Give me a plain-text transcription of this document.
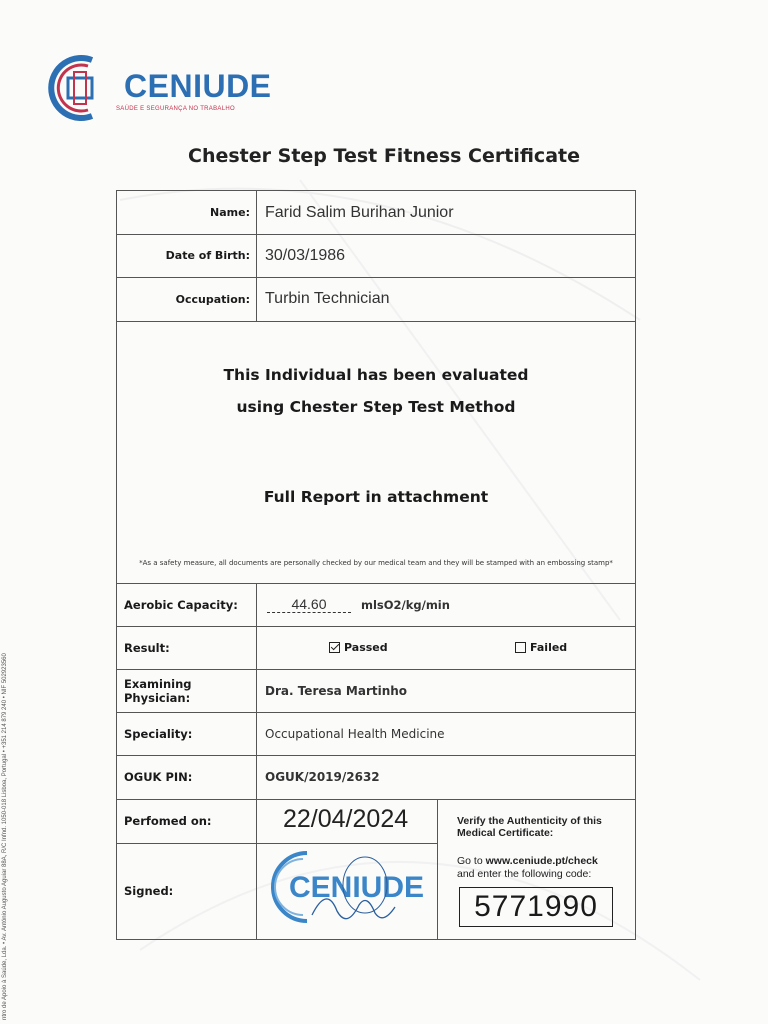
CENIUDE
SAÚDE E SEGURANÇA NO TRABALHO
Chester Step Test Fitness Certificate
Name: Farid Salim Burihan Junior
Date of Birth: 30/03/1986
Occupation: Turbin Technician
This Individual has been evaluated
using Chester Step Test Method
Full Report in attachment
*As a safety measure, all documents are personally checked by our medical team and they will be stamped with an embossing stamp*
Aerobic Capacity:	44.60	mlsO2/kg/min
Result:	Passed	Failed
Examining Physician:	Dra. Teresa Martinho
Speciality:	Occupational Health Medicine
OGUK PIN:	OGUK/2019/2632
Perfomed on:	22/04/2024
Signed:	CENIUDE
Verify the Authenticity of this Medical Certificate:
Go to www.ceniude.pt/check
and enter the following code:
5771990
ntro de Apoio à Saúde, Lda. • Av. António Augusto Aguiar 88A, R/C Infnd. 1050-018 Lisboa, Portugal • +351 214 879 240 • NIF 502923560
